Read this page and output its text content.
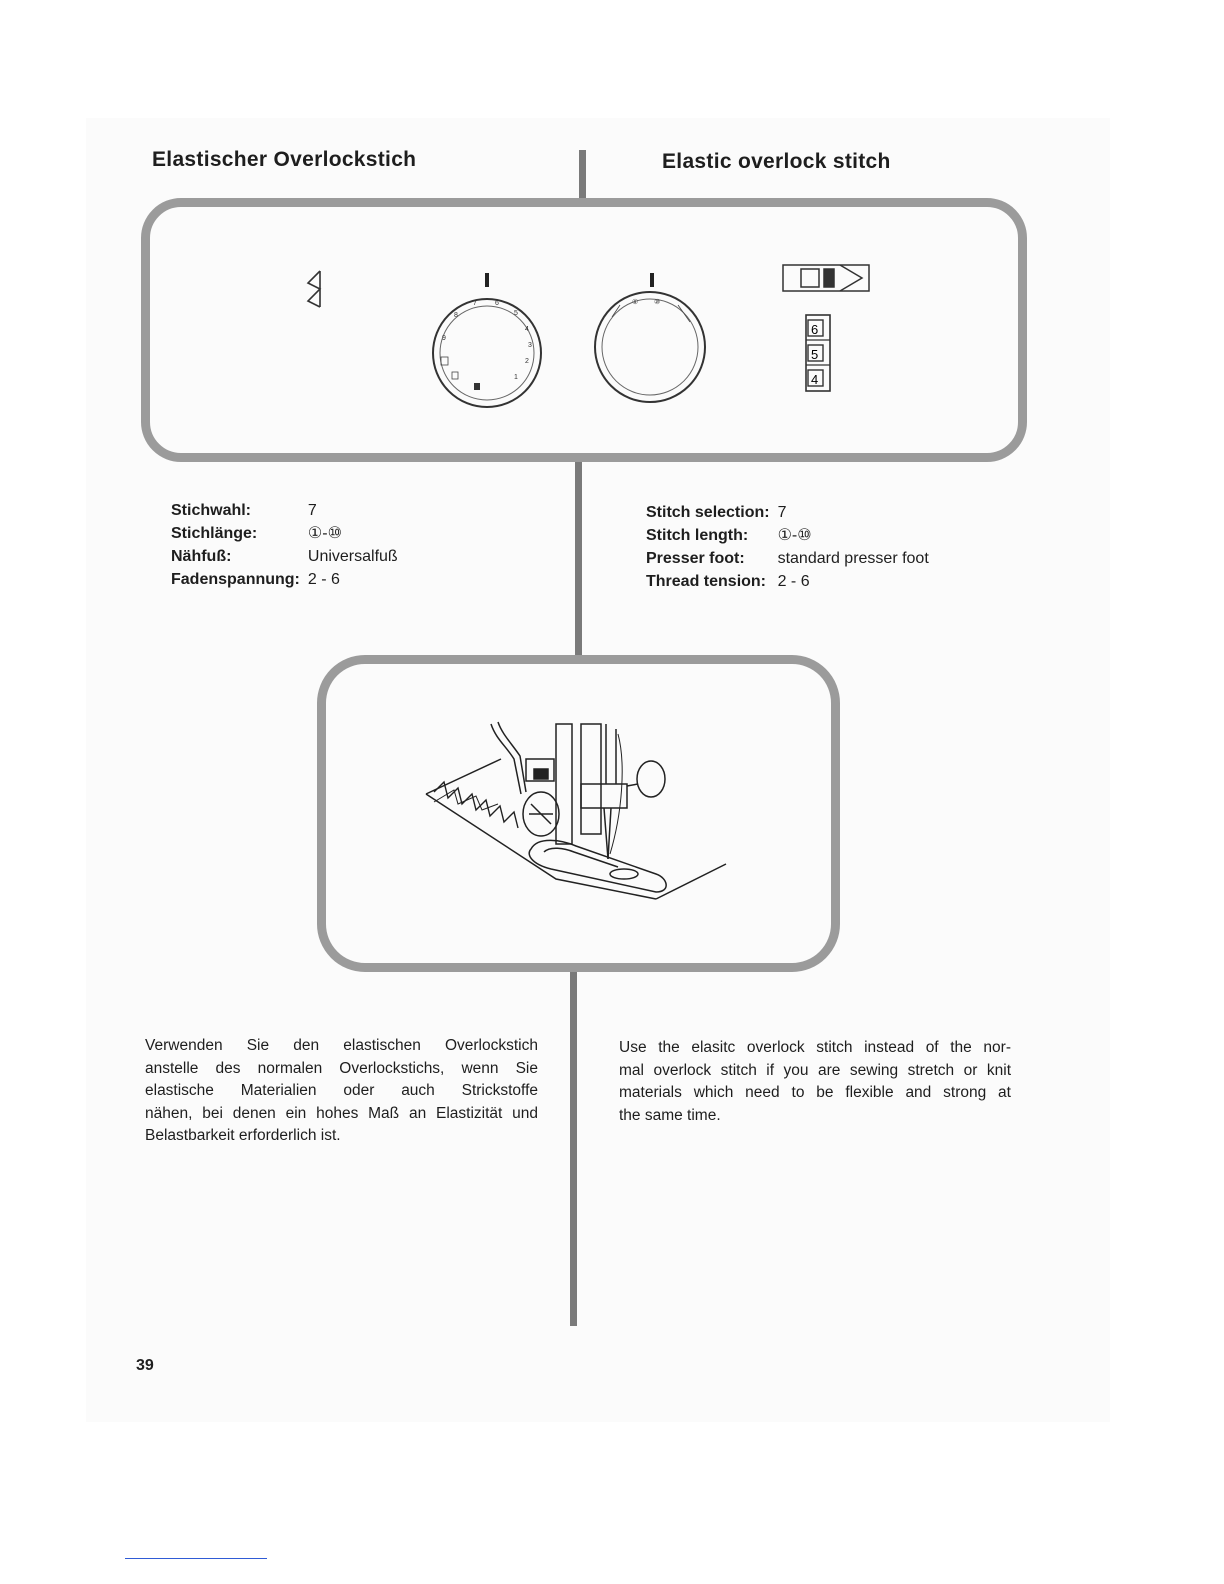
Elastischer Overlockstich	Elastic overlock stitch
9
8
7	6
5
4
3
2
1
① ⑩
6
5
4
Stichwahl:	7
Stichlänge:	①-⑩
Nähfuß:	Universalfuß
Fadenspannung:	2 - 6
Stitch selection:	7
Stitch length:	①-⑩
Presser foot:	standard presser foot
Thread tension:	2 - 6
Verwenden Sie den elastischen Overlockstich
anstelle des normalen Overlockstichs, wenn Sie
elastische Materialien oder auch Strickstoffe
nähen, bei denen ein hohes Maß an Elastizität und
Belastbarkeit erforderlich ist.
Use the elasitc overlock stitch instead of the nor-
mal overlock stitch if you are sewing stretch or knit
materials which need to be flexible and strong at
the same time.
39
